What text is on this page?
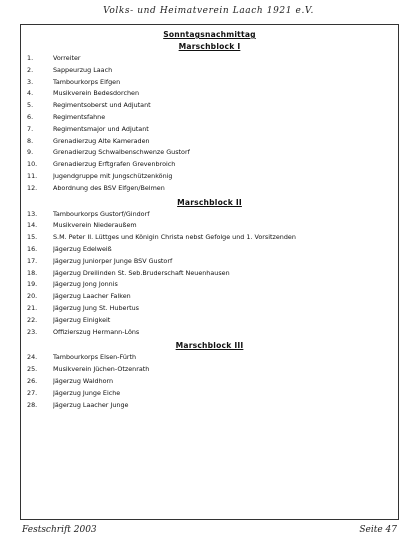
Volks- und Heimatverein Laach 1921 e.V.
Sonntagsnachmittag
Marschblock I
1.	Vorreiter
2.	Sappeurzug Laach
3.	Tambourkorps Elfgen
4.	Musikverein Bedesdorchen
5.	Regimentsoberst und Adjutant
6.	Regimentsfahne
7.	Regimentsmajor und Adjutant
8.	Grenadierzug Alte Kameraden
9.	Grenadierzug Schwalbenschwenze Gustorf
10.	Grenadierzug Erftgrafen Grevenbroich
11.	Jugendgruppe mit Jungschützenkönig
12.	Abordnung des BSV Elfgen/Belmen
Marschblock II
13.	Tambourkorps Gustorf/Gindorf
14.	Musikverein Niederaußem
15.	S.M. Peter II. Lüttges und Königin Christa nebst Gefolge und 1. Vorsitzenden
16.	Jägerzug Edelweiß
17.	Jägerzug Juniorper Junge BSV Gustorf
18.	Jägerzug Dreilinden St. Seb.Bruderschaft Neuenhausen
19.	Jägerzug Jong Jonnis
20.	Jägerzug Laacher Falken
21.	Jägerzug Jung St. Hubertus
22.	Jägerzug Einigkeit
23.	Offizierszug Hermann-Löns
Marschblock III
24.	Tambourkorps Elsen-Fürth
25.	Musikverein Jüchen-Otzenrath
26.	Jägerzug Waldhorn
27.	Jägerzug Junge Eiche
28.	Jägerzug Laacher Junge
Festschrift 2003	Seite 47
